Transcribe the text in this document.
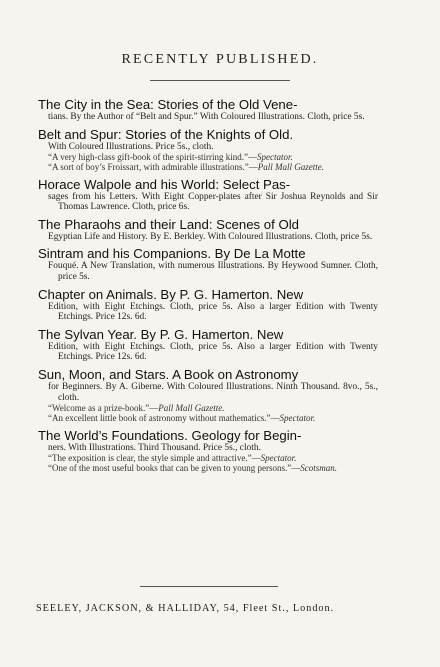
RECENTLY PUBLISHED.
The City in the Sea: Stories of the Old Vene-
tians. By the Author of “Belt and Spur.” With Coloured Illustrations. Cloth, price 5s.
Belt and Spur: Stories of the Knights of Old.
With Coloured Illustrations. Price 5s., cloth.
“A very high-class gift-book of the spirit-stirring kind.”—Spectator.
“A sort of boy’s Froissart, with admirable illustrations.”—Pall Mall Gazette.
Horace Walpole and his World: Select Pas-
sages from his Letters. With Eight Copper-plates after Sir Joshua Reynolds and Sir Thomas Lawrence. Cloth, price 6s.
The Pharaohs and their Land: Scenes of Old
Egyptian Life and History. By E. Berkley. With Coloured Illustrations. Cloth, price 5s.
Sintram and his Companions. By De La Motte
Fouqué. A New Translation, with numerous Illustrations. By Heywood Sumner. Cloth, price 5s.
Chapter on Animals. By P. G. Hamerton. New
Edition, with Eight Etchings. Cloth, price 5s. Also a larger Edition with Twenty Etchings. Price 12s. 6d.
The Sylvan Year. By P. G. Hamerton. New
Edition, with Eight Etchings. Cloth, price 5s. Also a larger Edition with Twenty Etchings. Price 12s. 6d.
Sun, Moon, and Stars. A Book on Astronomy
for Beginners. By A. Giberne. With Coloured Illustrations. Ninth Thousand. 8vo., 5s., cloth.
“Welcome as a prize-book.”—Pall Mall Gazette.
“An excellent little book of astronomy without mathematics.”—Spectator.
The World’s Foundations. Geology for Begin-
ners. With Illustrations. Third Thousand. Price 5s., cloth.
“The exposition is clear, the style simple and attractive.”—Spectator.
“One of the most useful books that can be given to young persons.”—Scotsman.
SEELEY, JACKSON, & HALLIDAY, 54, Fleet St., London.
